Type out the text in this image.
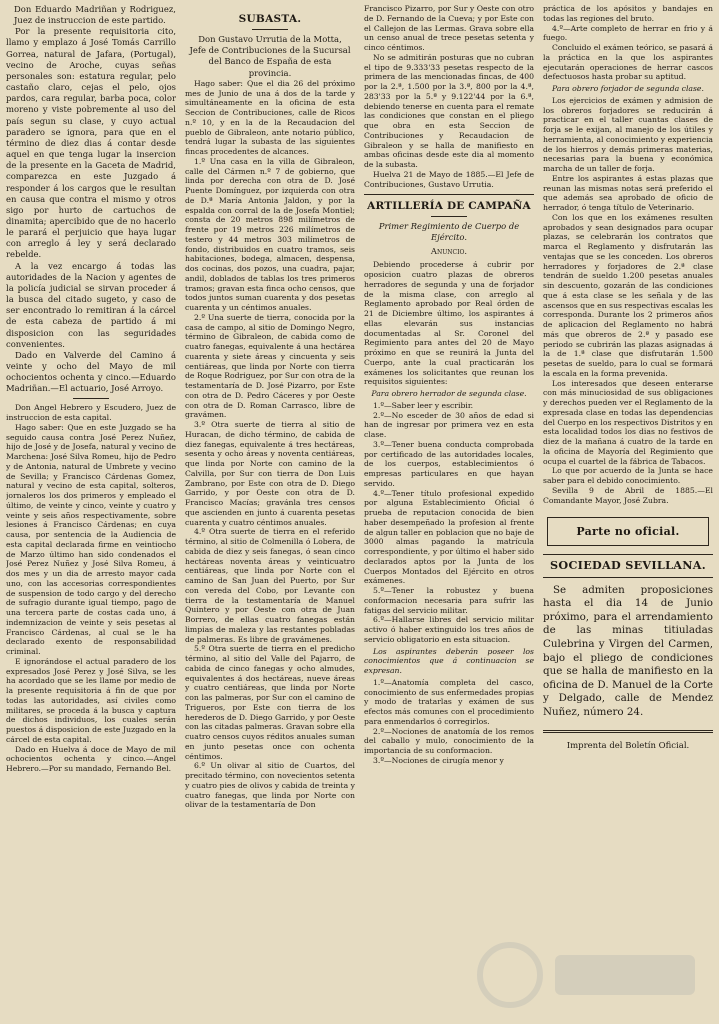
Don Eduardo Madriñan y Rodriguez, Juez de instruccion de este partido.

Por la presente requisitoria cito, llamo y emplazo á José Tomás Carrillo Gorrea, natural de Jafara, (Portugal), vecino de Aroche, cuyas señas personales son: estatura regular, pelo castaño claro, cejas el pelo, ojos pardos, cara regular, barba poca, color moreno y viste pobremente al uso del país segun su clase, y cuyo actual paradero se ignora, para que en el término de diez dias á contar desde aquel en que tenga lugar la insercion de la presente en la Gaceta de Madrid, comparezca en este Juzgado á responder á los cargos que le resultan en causa que contra el mismo y otros sigo por hurto de cartuchos de dinamita; apercibido que de no hacerlo le parará el perjuicio que haya lugar con arreglo á ley y será declarado rebelde.

A la vez encargo á todas las autoridades de la Nacion y agentes de la policía judicial se sirvan proceder á la busca del citado sugeto, y caso de ser encontrado lo remitiran á la cárcel de esta cabeza de partido á mi disposicion con las seguridades convenientes.

Dado en Valverde del Camino á veinte y ocho del Mayo de mil ochocientos ochenta y cinco.—Eduardo Madriñan.—El actuario, José Arroyo.

Don Angel Hebrero y Escudero, Juez de instruccion de esta capital.

Hago saber: Que en este Juzgado se ha seguido causa contra José Perez Nuñez, hijo de José y de Josefa, natural y vecino de Marchena: José Silva Romeu, hijo de Pedro y de Antonia, natural de Umbrete y vecino de Sevilla; y Francisco Cárdenas Gomez, natural y vecino de esta capital, solteros, jornaleros los dos primeros y empleado el último, de veinte y cinco, veinte y cuatro y veinte y seis años respectivamente, sobre lesiones á Francisco Cárdenas; en cuya causa, por sentencia de la Audiencia de esta capital declarada firme en veintiocho de Marzo último han sido condenados el José Perez Nuñez y José Silva Romeu, á dos mes y un dia de arresto mayor cada uno, con las accesorias correspondientes de suspension de todo cargo y del derecho de sufragio durante igual tiempo, pago de una tercera parte de costas cada uno, á indemnizacion de veinte y seis pesetas al Francisco Cárdenas, al cual se le ha declarado exento de responsabilidad criminal.

E ignorándose el actual paradero de los expresados José Perez y José Silva, se les ha acordado que se les llame por medio de la presente requisitoria á fin de que por todas las autoridades, así civiles como militares, se proceda á la busca y captura de dichos individuos, los cuales serán puestos á disposicion de este Juzgado en la cárcel de esta capital.

Dado en Huelva á doce de Mayo de mil ochocientos ochenta y cinco.—Angel Hebrero.—Por su mandado, Fernando Bel.

SUBASTA.

Don Gustavo Urrutia de la Motta, Jefe de Contribuciones de la Sucursal del Banco de España de esta provincia.

Hago saber: Que el dia 26 del próximo mes de Junio de una á dos de la tarde y simultáneamente en la oficina de esta Seccion de Contribuciones, calle de Ricos n.º 10, y en la de la Recaudacion del pueblo de Gibraleon, ante notario público, tendrá lugar la subasta de las siguientes fincas procedentes de alcances.

1.º Una casa en la villa de Gibraleon, calle del Cármen n.º 7 de gobierno, que linda por derecha con otra de D. José Puente Domínguez, por izquierda con otra de D.ª María Antonia Jaldon, y por la espalda con corral de la de Josefa Montiel; consta de 20 metros 898 milímetros de frente por 19 metros 226 milímetros de testero y 44 metros 303 milímetros de fondo, distribuidos en cuatro tramos, seis habitaciones, bodega, almacen, despensa, dos cocinas, dos pozos, una cuadra, pajar, andil, doblados de tablas los tres primeros tramos; gravan esta finca ocho censos, que todos juntos suman cuarenta y dos pesetas cuarenta y un céntimos anuales.

2.º Una suerte de tierra, conocida por la casa de campo, al sitio de Domingo Negro, término de Gibraleon, de cabida como de cuatro fanegas, equivalente á una hectárea cuarenta y siete áreas y cincuenta y seis centiáreas, que linda por Norte con tierra de Roque Rodriguez, por Sur con otra de la testamentaría de D. José Pizarro, por Este con otra de D. Pedro Cáceres y por Oeste con otra de D. Roman Carrasco, libre de gravámen.

3.º Otra suerte de tierra al sitio de Huracan, de dicho término, de cabida de diez fanegas, equivalente á tres hectáreas, sesenta y ocho áreas y noventa centiáreas, que linda por Norte con camino de la Calvilla, por Sur con tierra de Don Luis Zambrano, por Este con otra de D. Diego Garrido, y por Oeste con otra de D. Francisco Macías; gravánla tres censos que ascienden en junto á cuarenta pesetas cuarenta y cuatro céntimos anuales.

4.º Otra suerte de tierra en el referido término, al sitio de Colmenilla ó Lobera, de cabida de diez y seis fanegas, ó sean cinco hectáreas noventa áreas y veinticuatro centiáreas, que linda por Norte con el camino de San Juan del Puerto, por Sur con vereda del Cobo, por Levante con tierra de la testamentaría de Manuel Quintero y por Oeste con otra de Juan Borrero, de ellas cuatro fanegas están limpias de maleza y las restantes pobladas de palmeras. Es libre de gravámenes.

5.º Otra suerte de tierra en el predicho término, al sitio del Valle del Pajarro, de cabida de cinco fanegas y ocho almudes, equivalentes á dos hectáreas, nueve áreas y cuatro centiáreas, que linda por Norte con las palmeras, por Sur con el camino de Trigueros, por Este con tierra de los herederos de D. Diego Garrido, y por Oeste con las citadas palmeras. Gravan sobre ella cuatro censos cuyos réditos anuales suman en junto pesetas once con ochenta céntimos.

6.º Un olivar al sitio de Cuartos, del precitado término, con novecientos setenta y cuatro pies de olivos y cabida de treinta y cuatro fanegas, que linda por Norte con olivar de la testamentaría de Don

Francisco Pizarro, por Sur y Oeste con otro de D. Fernando de la Cueva; y por Este con el Callejon de las Lermas. Grava sobre ella un censo anual de trece pesetas setenta y cinco céntimos.

No se admitirán posturas que no cubran el tipo de 9.333'33 pesetas respecto de la primera de las mencionadas fincas, de 400 por la 2.ª, 1.500 por la 3.ª, 800 por la 4.ª, 283'33 por la 5.ª y 9.122'44 por la 6.ª, debiendo tenerse en cuenta para el remate las condiciones que constan en el pliego que obra en esta Seccion de Contribuciones y Recaudacion de Gibraleon y se halla de manifiesto en ambas oficinas desde este dia al momento de la subasta.

Huelva 21 de Mayo de 1885.—El Jefe de Contribuciones, Gustavo Urrutia.

ARTILLERÍA DE CAMPAÑA
Primer Regimiento de Cuerpo de Ejército.
Anuncio.

Debiendo procederse á cubrir por oposicion cuatro plazas de obreros herradores de segunda y una de forjador de la misma clase, con arreglo al Reglamento aprobado por Real órden de 21 de Diciembre último, los aspirantes á ellas elevarán sus instancias documentadas al Sr. Coronel del Regimiento para antes del 20 de Mayo próximo en que se reunirá la Junta del Cuerpo, ante la cual practicarán los exámenes los solicitantes que reunan los requisitos siguientes:

Para obrero herrador de segunda clase.

1.º—Saber leer y escribir.

2.º—No esceder de 30 años de edad si han de ingresar por primera vez en esta clase.

3.º—Tener buena conducta comprobada por certificado de las autoridades locales, de los cuerpos, establecimientos ó empresas particulares en que hayan servido.

4.º—Tener título profesional expedido por alguna Establecimiento Oficial ó prueba de reputacion conocida de bien haber desempeñado la profesion al frente de algun taller en poblacion que no baje de 3000 almas pagando la matrícula correspondiente, y por último el haber sido declarados aptos por la Junta de los Cuerpos Montados del Ejército en otros exámenes.

5.º—Tener la robustez y buena conformacion necesaria para sufrir las fatigas del servicio militar.

6.º—Hallarse libres del servicio militar activo ó haber extinguido los tres años de servicio obligatorio en esta situacion.

Los aspirantes deberán poseer los conocimientos que á continuacion se expresan.

1.º—Anatomía completa del casco, conocimiento de sus enfermedades propias y modo de tratarlas y exámen de sus efectos más comunes con el procedimiento para enmendarlos ó corregirlos.

2.º—Nociones de anatomía de los remos del caballo y mulo, conocimiento de la importancia de su conformacion.

3.º—Nociones de cirugía menor y

práctica de los apósitos y bandajes en todas las regiones del bruto.

4.º—Arte completo de herrar en frio y á fuego.

Concluido el exámen teórico, se pasará á la práctica en la que los aspirantes ejecutarán operaciones de herrar cascos defectuosos hasta probar su aptitud.

Para obrero forjador de segunda clase.

Los ejercicios de exámen y admision de los obreros forjadores se reducirán á practicar en el taller cuantas clases de forja se le exijan, al manejo de los útiles y herramienta, al conocimiento y experiencia de los hierros y demás primeras materias, necesarias para la buena y económica marcha de un taller de forja.

Entre los aspirantes á estas plazas que reunan las mismas notas será preferido el que además sea aprobado de oficio de herrador, ó tenga título de Veterinario.

Con los que en los exámenes resulten aprobados y sean designados para ocupar plazas, se celebrarán los contratos que marca el Reglamento y disfrutarán las ventajas que se les conceden. Los obreros herradores y forjadores de 2.ª clase tendrán de sueldo 1.200 pesetas anuales sin descuento, gozarán de las condiciones que á esta clase se les señala y de las ascensos que en sus respectivas escalas les corresponda. Durante los 2 primeros años de aplicacion del Reglamento no habrá más que obreros de 2.ª y pasado ese periodo se cubrirán las plazas asignadas á la de 1.ª clase que disfrutarán 1.500 pesetas de sueldo, para lo cual se formará la escala en la forma prevenida.

Los interesados que deseen enterarse con más minuciosidad de sus obligaciones y derechos pueden ver el Reglamento de la expresada clase en todas las dependencias del Cuerpo en los respectivos Distritos y en esta localidad todos los dias no festivos de diez de la mañana á cuatro de la tarde en la oficina de Mayoría del Regimiento que ocupa el cuartel de la fábrica de Tabacos.

Lo que por acuerdo de la Junta se hace saber para el debido conocimiento.

Sevilla 9 de Abril de 1885.—El Comandante Mayor, José Zubra.

Parte no oficial.
SOCIEDAD SEVILLANA.

Se admiten proposiciones hasta el dia 14 de Junio próximo, para el arrendamiento de las minas titiuladas Culebrina y Virgen del Carmen, bajo el pliego de condiciones que se halla de manifiesto en la oficina de D. Manuel de la Corte y Delgado, calle de Mendez Nuñez, número 24.

Imprenta del Boletín Oficial.
